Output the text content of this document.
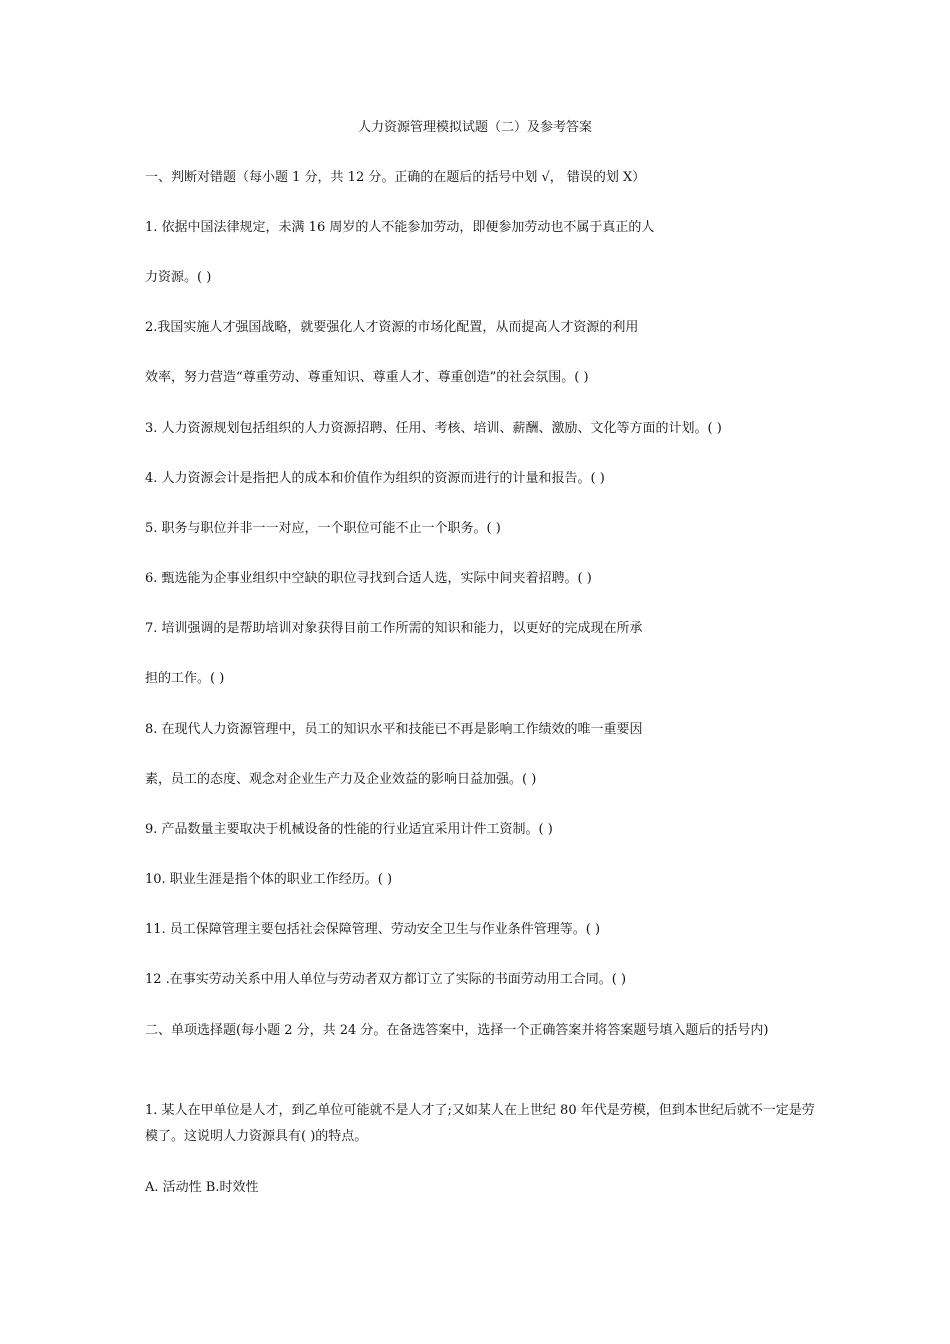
人力资源管理模拟试题（二）及参考答案
一、判断对错题（每小题 1 分，共 12 分。正确的在题后的括号中划 √， 错误的划 X）
1. 依据中国法律规定，未满 16 周岁的人不能参加劳动，即便参加劳动也不属于真正的人
力资源。( )
2.我国实施人才强国战略，就要强化人才资源的市场化配置，从而提高人才资源的利用
效率，努力营造“尊重劳动、尊重知识、尊重人才、尊重创造”的社会氛围。( )
3. 人力资源规划包括组织的人力资源招聘、任用、考核、培训、薪酬、激励、文化等方面的计划。( )
4. 人力资源会计是指把人的成本和价值作为组织的资源而进行的计量和报告。( )
5. 职务与职位并非一一对应，一个职位可能不止一个职务。( )
6. 甄选能为企事业组织中空缺的职位寻找到合适人选，实际中间夹着招聘。( )
7. 培训强调的是帮助培训对象获得目前工作所需的知识和能力，以更好的完成现在所承
担的工作。( )
8. 在现代人力资源管理中，员工的知识水平和技能已不再是影响工作绩效的唯一重要因
素，员工的态度、观念对企业生产力及企业效益的影响日益加强。( )
9. 产品数量主要取决于机械设备的性能的行业适宜采用计件工资制。( )
10. 职业生涯是指个体的职业工作经历。( )
11. 员工保障管理主要包括社会保障管理、劳动安全卫生与作业条件管理等。( )
12 .在事实劳动关系中用人单位与劳动者双方都订立了实际的书面劳动用工合同。( )
二、单项选择题(每小题 2 分，共 24 分。在备选答案中，选择一个正确答案并将答案题号填入题后的括号内)
1. 某人在甲单位是人才，到乙单位可能就不是人才了;又如某人在上世纪 80 年代是劳模，但到本世纪后就不一定是劳模了。这说明人力资源具有( )的特点。
A. 活动性 B.时效性
